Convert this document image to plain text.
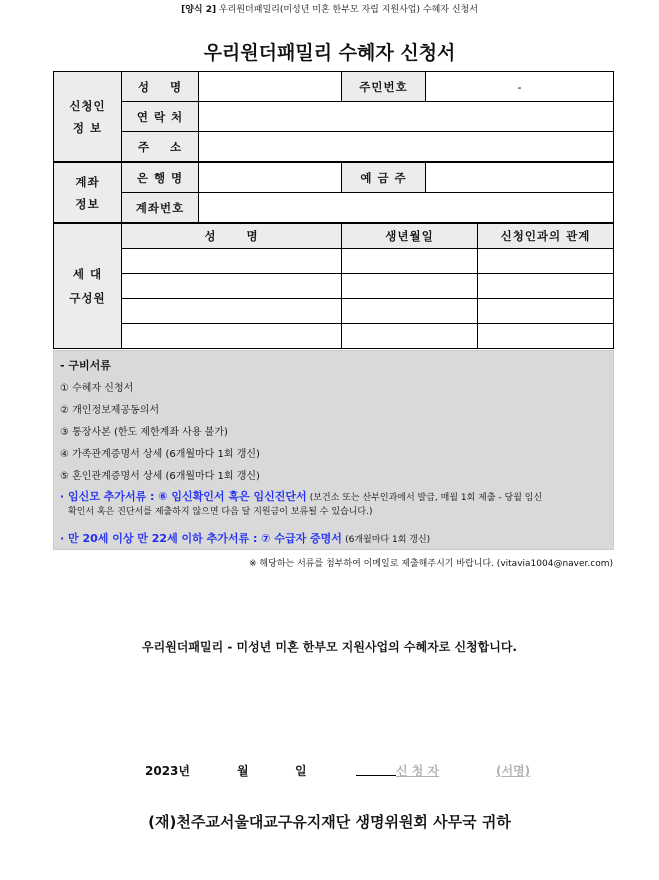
[양식 2] 우리원더패밀리(미성년 미혼 한부모 자립 지원사업) 수혜자 신청서
우리원더패밀리 수혜자 신청서
신청인
정 보	성    명		주민번호	-	
	연 락 처				
	주    소				
계좌
정보	은 행 명		예 금 주		
	계좌번호				
세 대
구성원	성      명		생년월일		신청인과의 관계

- 구비서류
① 수혜자 신청서
② 개인정보제공동의서
③ 통장사본 (한도 제한계좌 사용 불가)
④ 가족관계증명서 상세 (6개월마다 1회 갱신)
⑤ 혼인관계증명서 상세 (6개월마다 1회 갱신)
· 임신모 추가서류 : ⑥ 임신확인서 혹은 임신진단서 (보건소 또는 산부인과에서 발급, 매월 1회 제출 - 당월 임신
확인서 혹은 진단서를 제출하지 않으면 다음 달 지원금이 보류될 수 있습니다.)
· 만 20세 이상 만 22세 이하 추가서류 : ⑦ 수급자 증명서 (6개월마다 1회 갱신)
※ 해당하는 서류를 첨부하여 이메일로 제출해주시기 바랍니다. (vitavia1004@naver.com)
우리원더패밀리 - 미성년 미혼 한부모 지원사업의 수혜자로 신청합니다.
2023년	월	일	신 청 자	(서명)
(재)천주교서울대교구유지재단 생명위원회 사무국 귀하
